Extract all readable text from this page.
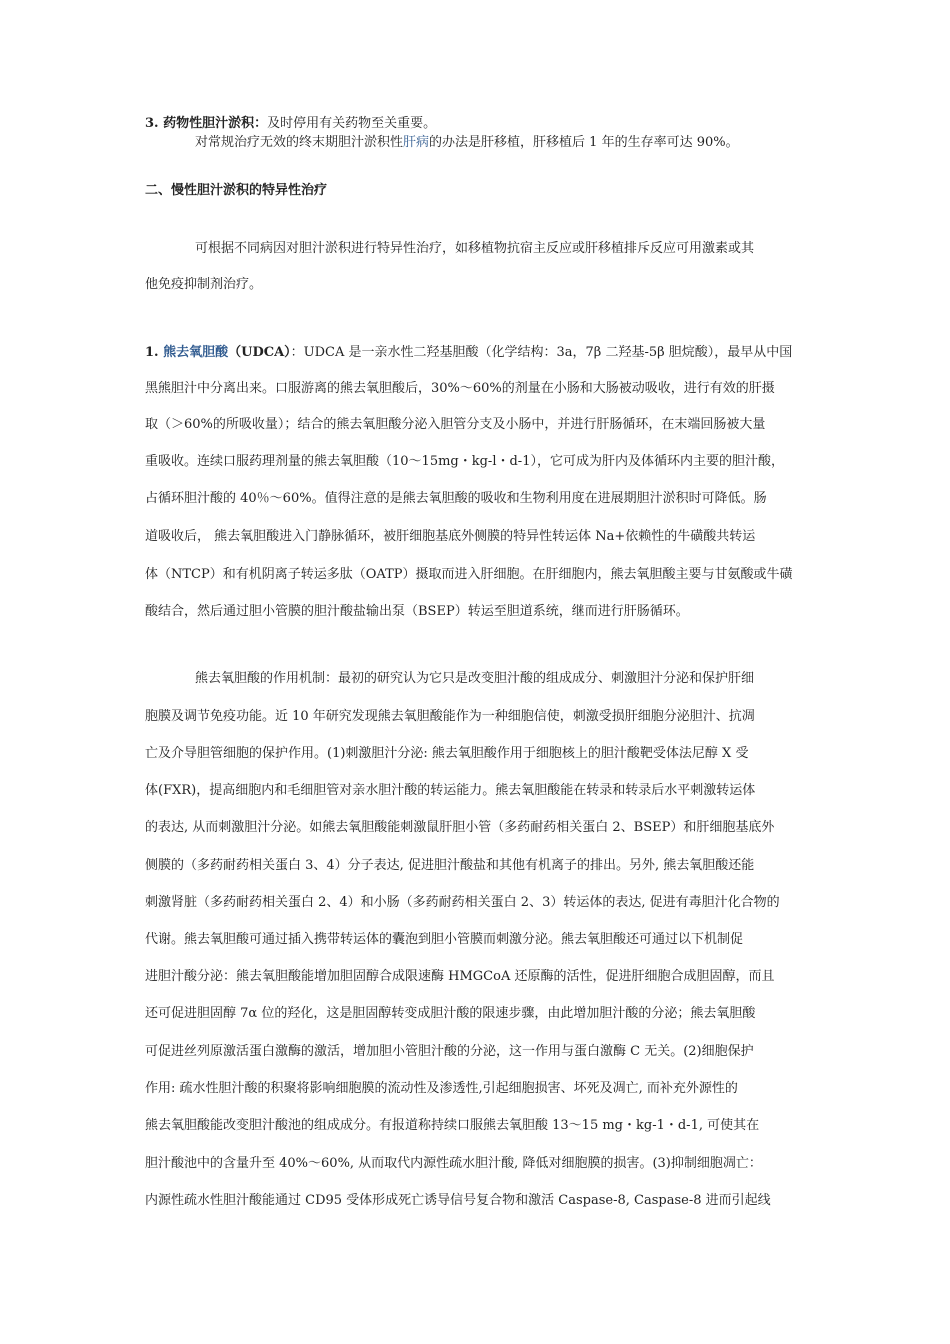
3. 药物性胆汁淤积：及时停用有关药物至关重要。
对常规治疗无效的终末期胆汁淤积性肝病的办法是肝移植，肝移植后 1 年的生存率可达 90%。
二、慢性胆汁淤积的特异性治疗
可根据不同病因对胆汁淤积进行特异性治疗，如移植物抗宿主反应或肝移植排斥反应可用激素或其
他免疫抑制剂治疗。
1. 熊去氧胆酸（UDCA）：UDCA 是一亲水性二羟基胆酸（化学结构：3a，7β 二羟基-5β 胆烷酸），最早从中国
黑熊胆汁中分离出来。口服游离的熊去氧胆酸后，30%～60%的剂量在小肠和大肠被动吸收，进行有效的肝摄
取（＞60%的所吸收量）；结合的熊去氧胆酸分泌入胆管分支及小肠中，并进行肝肠循环，在末端回肠被大量
重吸收。连续口服药理剂量的熊去氧胆酸（10～15mg・kg-l・d-1），它可成为肝内及体循环内主要的胆汁酸，
占循环胆汁酸的 40％～60%。值得注意的是熊去氧胆酸的吸收和生物利用度在进展期胆汁淤积时可降低。肠
道吸收后， 熊去氧胆酸进入门静脉循环，被肝细胞基底外侧膜的特异性转运体 Na+依赖性的牛磺酸共转运
体（NTCP）和有机阴离子转运多肽（OATP）摄取而进入肝细胞。在肝细胞内，熊去氧胆酸主要与甘氨酸或牛磺
酸结合，然后通过胆小管膜的胆汁酸盐输出泵（BSEP）转运至胆道系统，继而进行肝肠循环。
熊去氧胆酸的作用机制：最初的研究认为它只是改变胆汁酸的组成成分、刺激胆汁分泌和保护肝细
胞膜及调节免疫功能。近 10 年研究发现熊去氧胆酸能作为一种细胞信使，刺激受损肝细胞分泌胆汁、抗凋
亡及介导胆管细胞的保护作用。(1)刺激胆汁分泌: 熊去氧胆酸作用于细胞核上的胆汁酸靶受体法尼醇 X 受
体(FXR)，提高细胞内和毛细胆管对亲水胆汁酸的转运能力。熊去氧胆酸能在转录和转录后水平刺激转运体
的表达, 从而刺激胆汁分泌。如熊去氧胆酸能刺激鼠肝胆小管（多药耐药相关蛋白 2、BSEP）和肝细胞基底外
侧膜的（多药耐药相关蛋白 3、4）分子表达, 促进胆汁酸盐和其他有机离子的排出。另外, 熊去氧胆酸还能
刺激肾脏（多药耐药相关蛋白 2、4）和小肠（多药耐药相关蛋白 2、3）转运体的表达, 促进有毒胆汁化合物的
代谢。熊去氧胆酸可通过插入携带转运体的囊泡到胆小管膜而刺激分泌。熊去氧胆酸还可通过以下机制促
进胆汁酸分泌：熊去氧胆酸能增加胆固醇合成限速酶 HMGCoA 还原酶的活性，促进肝细胞合成胆固醇，而且
还可促进胆固醇 7α 位的羟化，这是胆固醇转变成胆汁酸的限速步骤，由此增加胆汁酸的分泌；熊去氧胆酸
可促进丝列原激活蛋白激酶的激活，增加胆小管胆汁酸的分泌，这一作用与蛋白激酶 C 无关。(2)细胞保护
作用: 疏水性胆汁酸的积聚将影响细胞膜的流动性及渗透性,引起细胞损害、坏死及凋亡, 而补充外源性的
熊去氧胆酸能改变胆汁酸池的组成成分。有报道称持续口服熊去氧胆酸 13～15 mg・kg-1・d-1, 可使其在
胆汁酸池中的含量升至 40%～60%, 从而取代内源性疏水胆汁酸, 降低对细胞膜的损害。(3)抑制细胞凋亡：
内源性疏水性胆汁酸能通过 CD95 受体形成死亡诱导信号复合物和激活 Caspase-8, Caspase-8 进而引起线
